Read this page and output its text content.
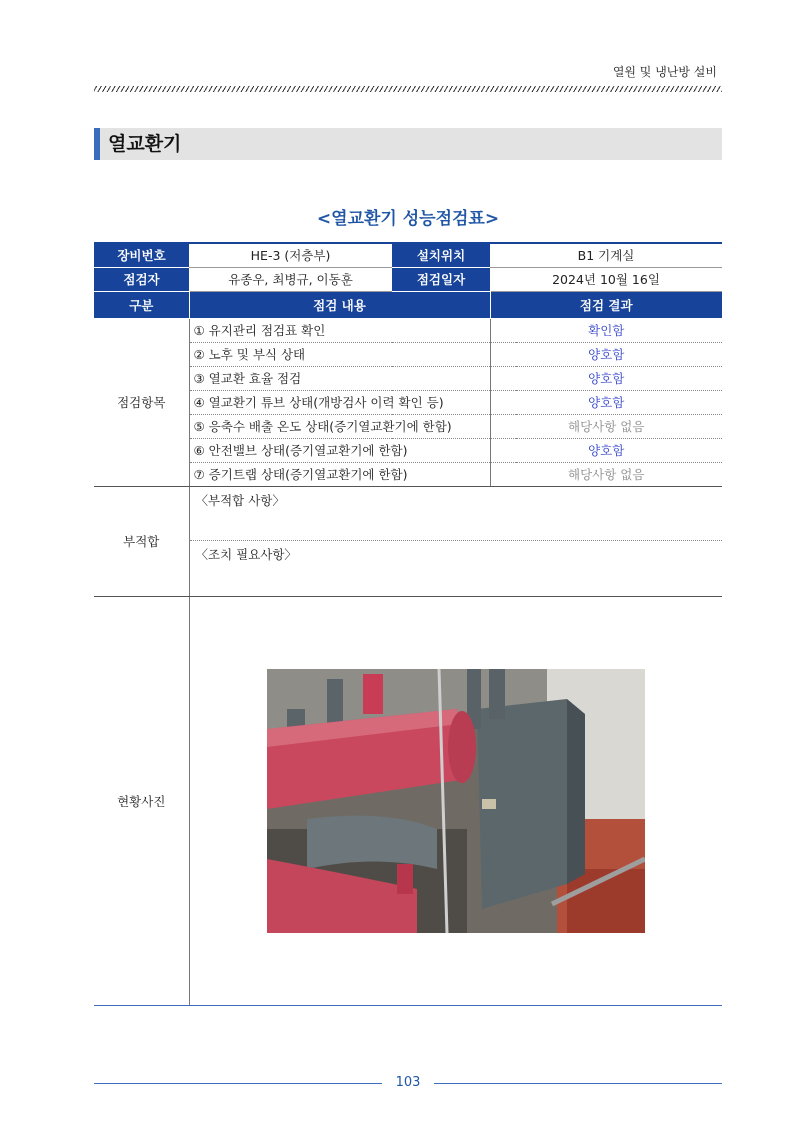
열원 및 냉난방 설비
열교환기
<열교환기 성능점검표>
장비번호	HE-3 (저층부)	설치위치	B1 기계실
점검자	유종우, 최병규, 이동훈	점검일자	2024년 10월 16일
구분	점검 내용		점검 결과
점검항목	① 유지관리 점검표 확인		확인함
	② 노후 및 부식 상태		양호함
	③ 열교환 효율 점검		양호함
	④ 열교환기 튜브 상태(개방검사 이력 확인 등)		양호함
	⑤ 응축수 배출 온도 상태(증기열교환기에 한함)		해당사항 없음
	⑥ 안전밸브 상태(증기열교환기에 한함)		양호함
	⑦ 증기트랩 상태(증기열교환기에 한함)		해당사항 없음
부적합	〈부적합 사항〉
〈조치 필요사항〉		

현황사진	
103
